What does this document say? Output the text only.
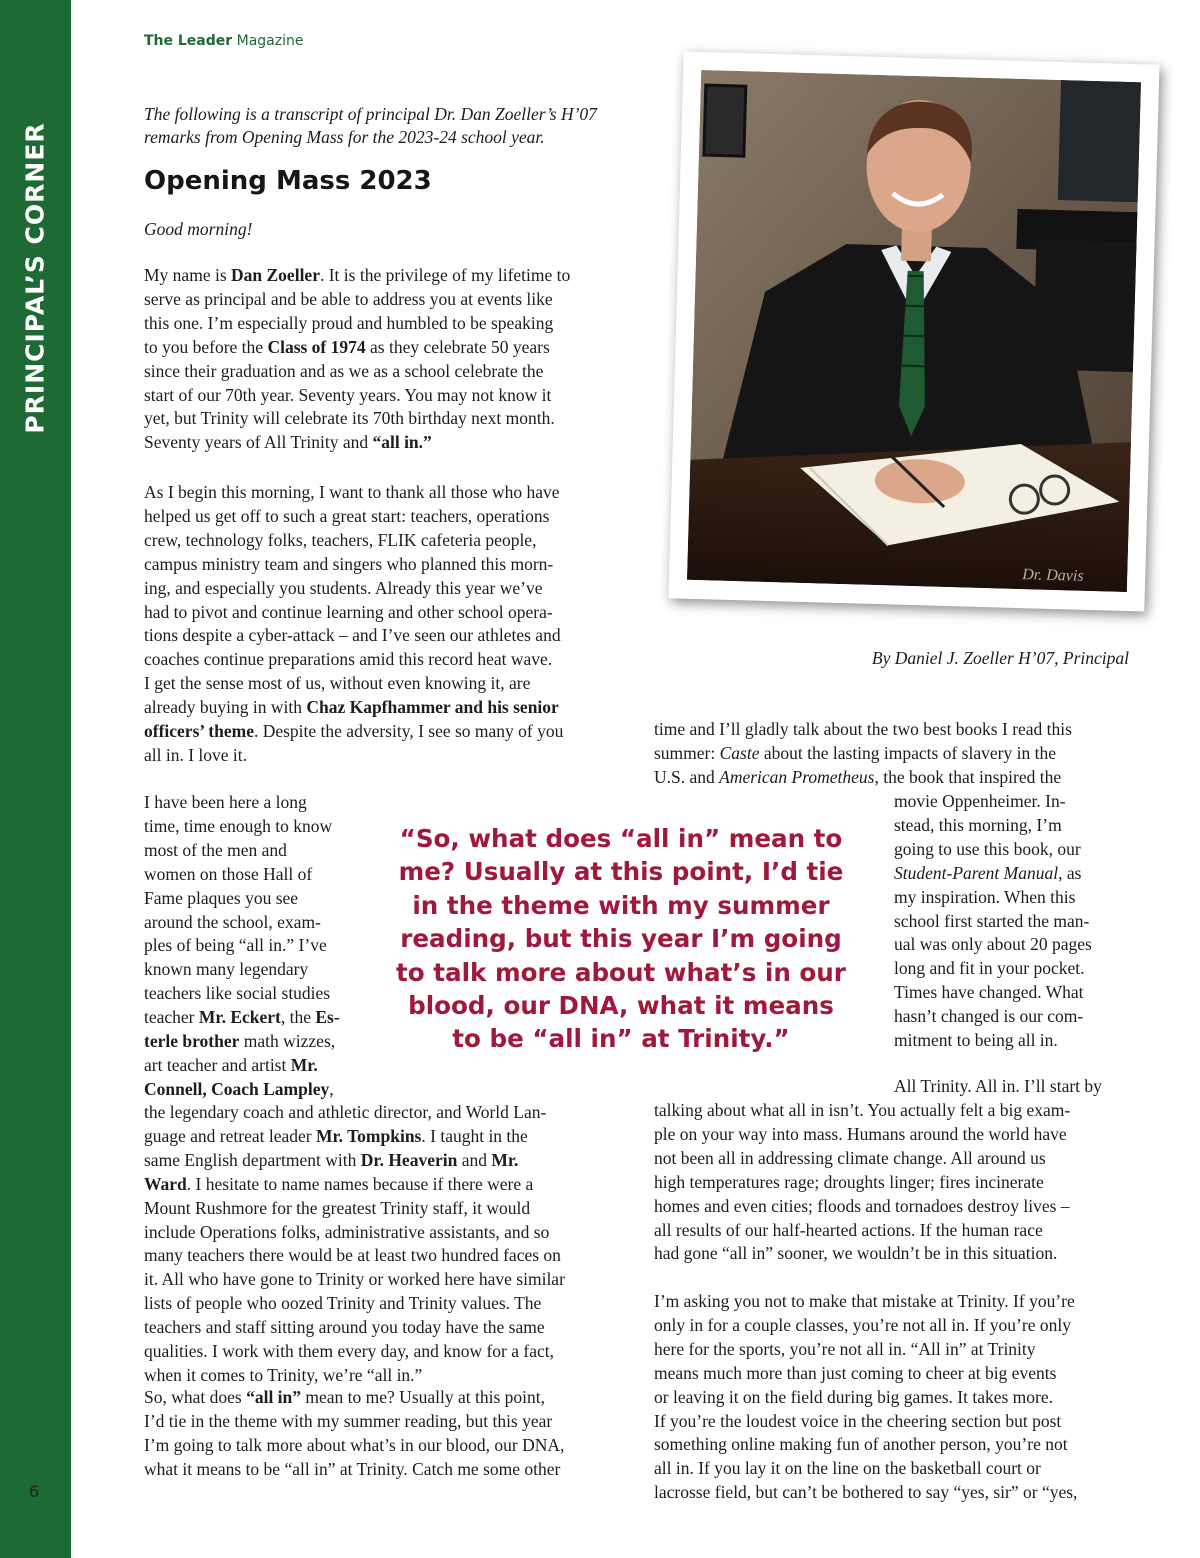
PRINCIPAL’S CORNER
6
The Leader Magazine
The following is a transcript of principal Dr. Dan Zoeller’s H’07 remarks from Opening Mass for the 2023-24 school year.
Opening Mass 2023

Good morning!

My name is Dan Zoeller. It is the privilege of my lifetime to
serve as principal and be able to address you at events like
this one. I’m especially proud and humbled to be speaking
to you before the Class of 1974 as they celebrate 50 years
since their graduation and as we as a school celebrate the
start of our 70th year. Seventy years. You may not know it
yet, but Trinity will celebrate its 70th birthday next month.
Seventy years of All Trinity and “all in.”
As I begin this morning, I want to thank all those who have
helped us get off to such a great start: teachers, operations
crew, technology folks, teachers, FLIK cafeteria people,
campus ministry team and singers who planned this morn-
ing, and especially you students. Already this year we’ve
had to pivot and continue learning and other school opera-
tions despite a cyber-attack – and I’ve seen our athletes and
coaches continue preparations amid this record heat wave.
I get the sense most of us, without even knowing it, are
already buying in with Chaz Kapfhammer and his senior
officers’ theme. Despite the adversity, I see so many of you
all in. I love it.
I have been here a long
time, time enough to know
most of the men and
women on those Hall of
Fame plaques you see
around the school, exam-
ples of being “all in.” I’ve
known many legendary
teachers like social studies
teacher Mr. Eckert, the Es-
terle brother math wizzes,
art teacher and artist Mr.
Connell, Coach Lampley,
the legendary coach and athletic director, and World Lan-
guage and retreat leader Mr. Tompkins. I taught in the
same English department with Dr. Heaverin and Mr.
Ward. I hesitate to name names because if there were a
Mount Rushmore for the greatest Trinity staff, it would
include Operations folks, administrative assistants, and so
many teachers there would be at least two hundred faces on
it. All who have gone to Trinity or worked here have similar
lists of people who oozed Trinity and Trinity values. The
teachers and staff sitting around you today have the same
qualities. I work with them every day, and know for a fact,
when it comes to Trinity, we’re “all in.”
So, what does “all in” mean to me? Usually at this point,
I’d tie in the theme with my summer reading, but this year
I’m going to talk more about what’s in our blood, our DNA,
what it means to be “all in” at Trinity. Catch me some other
Dr. Davis
By Daniel J. Zoeller H’07, Principal
“So, what does “all in” mean to
me? Usually at this point, I’d tie
in the theme with my summer
reading, but this year I’m going
to talk more about what’s in our
blood, our DNA, what it means
to be “all in” at Trinity.”
time and I’ll gladly talk about the two best books I read this
summer: Caste about the lasting impacts of slavery in the
U.S. and American Prometheus, the book that inspired the
movie Oppenheimer. In-
stead, this morning, I’m
going to use this book, our
Student-Parent Manual, as
my inspiration. When this
school first started the man-
ual was only about 20 pages
long and fit in your pocket.
Times have changed. What
hasn’t changed is our com-
mitment to being all in.
All Trinity. All in. I’ll start by
talking about what all in isn’t. You actually felt a big exam-
ple on your way into mass. Humans around the world have
not been all in addressing climate change. All around us
high temperatures rage; droughts linger; fires incinerate
homes and even cities; floods and tornadoes destroy lives –
all results of our half-hearted actions. If the human race
had gone “all in” sooner, we wouldn’t be in this situation.
I’m asking you not to make that mistake at Trinity. If you’re
only in for a couple classes, you’re not all in. If you’re only
here for the sports, you’re not all in. “All in” at Trinity
means much more than just coming to cheer at big events
or leaving it on the field during big games. It takes more.
If you’re the loudest voice in the cheering section but post
something online making fun of another person, you’re not
all in. If you lay it on the line on the basketball court or
lacrosse field, but can’t be bothered to say “yes, sir” or “yes,
